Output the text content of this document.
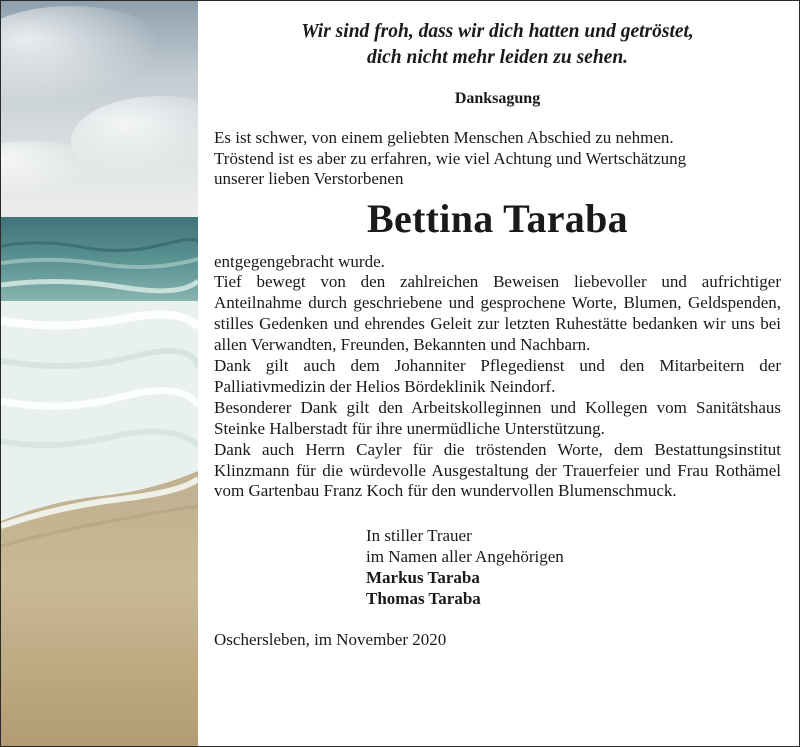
Wir sind froh, dass wir dich hatten und getröstet,
dich nicht mehr leiden zu sehen.
Danksagung
Es ist schwer, von einem geliebten Menschen Abschied zu nehmen.
Tröstend ist es aber zu erfahren, wie viel Achtung und Wertschätzung
unserer lieben Verstorbenen
Bettina Taraba

entgegengebracht wurde.

Tief bewegt von den zahlreichen Beweisen liebevoller und aufrichtiger Anteilnahme durch geschriebene und gesprochene Worte, Blumen, Geldspenden, stilles Gedenken und ehrendes Geleit zur letzten Ruhestätte bedanken wir uns bei allen Verwandten, Freunden, Bekannten und Nachbarn.

Dank gilt auch dem Johanniter Pflegedienst und den Mitarbeitern der Palliativmedizin der Helios Bördeklinik Neindorf.

Besonderer Dank gilt den Arbeitskolleginnen und Kollegen vom Sanitätshaus Steinke Halberstadt für ihre unermüdliche Unterstützung.

Dank auch Herrn Cayler für die tröstenden Worte, dem Bestattungsinstitut Klinzmann für die würdevolle Ausgestaltung der Trauerfeier und Frau Rothämel vom Gartenbau Franz Koch für den wundervollen Blumenschmuck.

In stiller Trauer
im Namen aller Angehörigen
Markus Taraba
Thomas Taraba
Oschersleben, im November 2020
